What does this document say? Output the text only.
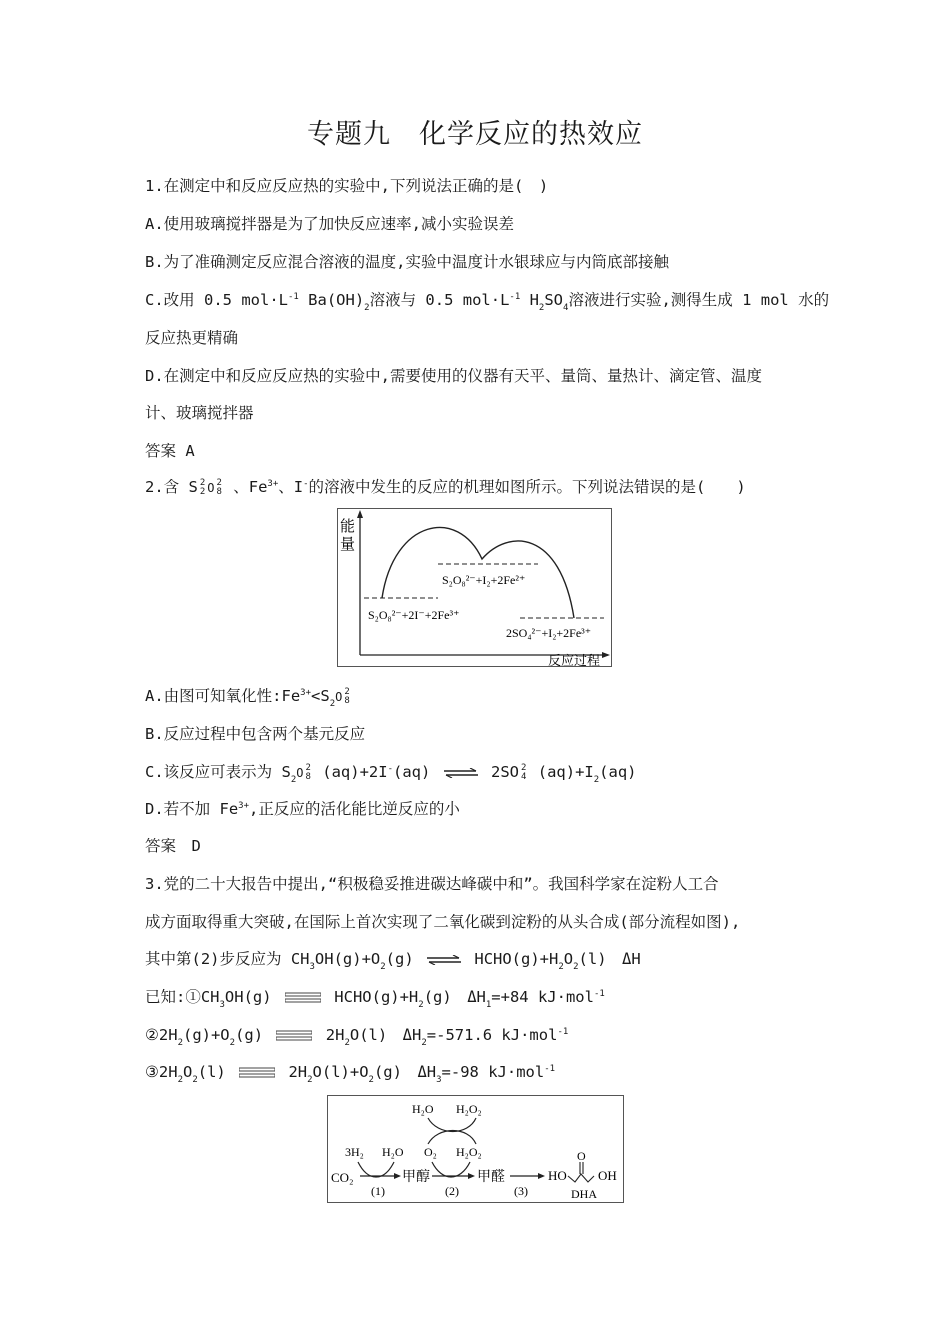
专题九　化学反应的热效应
1.在测定中和反应反应热的实验中,下列说法正确的是(　)
A.使用玻璃搅拌器是为了加快反应速率,减小实验误差
B.为了准确测定反应混合溶液的温度,实验中温度计水银球应与内筒底部接触
C.改用 0.5 $mol\cdot L^{-1}$ $Ba(OH)_2$溶液与 0.5 $mol\cdot L^{-1}$ $H_2SO_4$溶液进行实验,测得生成 1 mol 水的
反应热更精确
D.在测定中和反应反应热的实验中,需要使用的仪器有天平、量筒、量热计、滴定管、温度
计、玻璃搅拌器
答案 A
2.含 S 2
2 O 2
8 、$Fe^{3+}$、I-的溶液中发生的反应的机理如图所示。下列说法错误的是(　　)
能
量
反应过程
S₂O₈²⁻+2I⁻+2Fe³⁺
S₂O₈²⁻+I₂+2Fe²⁺
2SO₄²⁻+I₂+2Fe³⁺
A.由图可知氧化性$:Fe^{3+}<S_2O$ 2
8
B.反应过程中包含两个基元反应
C.该反应可表示为 $S_2O$ 2
8 (aq)+2I-(aq) ⇌ 2SO 2
4 $(aq)+I_2(aq)$
D.若不加 $Fe^{3+}$,正反应的活化能比逆反应的小
答案　D
3.党的二十大报告中提出,“积极稳妥推进碳达峰碳中和”。我国科学家在淀粉人工合
成方面取得重大突破,在国际上首次实现了二氧化碳到淀粉的从头合成(部分流程如图),
其中第(2)步反应为 $CH_3OH(g)+O_2(g)$ ⇌ $HCHO(g)+H_2O_2(l)$　ΔH
已知$:①CH_3OH(g)$	$HCHO(g)+H_2(g)$　$\Delta H_1=+84$ kJ·mol$^{-1}$
$②2H_2(g)+O_2(g)$	$2H_2O(l)$　$\Delta H_2=-571.6$ kJ·mol$^{-1}$
$③2H_2O_2(l)$	$2H_2O(l)+O_2(g)$　$\Delta H_3=-98$ kJ·mol$^{-1}$
CO₂
3H₂ H₂O
(1)
甲醇
H₂O H₂O₂
O₂ H₂O₂
(2)
甲醛
(3)
HO
O
OH
DHA
